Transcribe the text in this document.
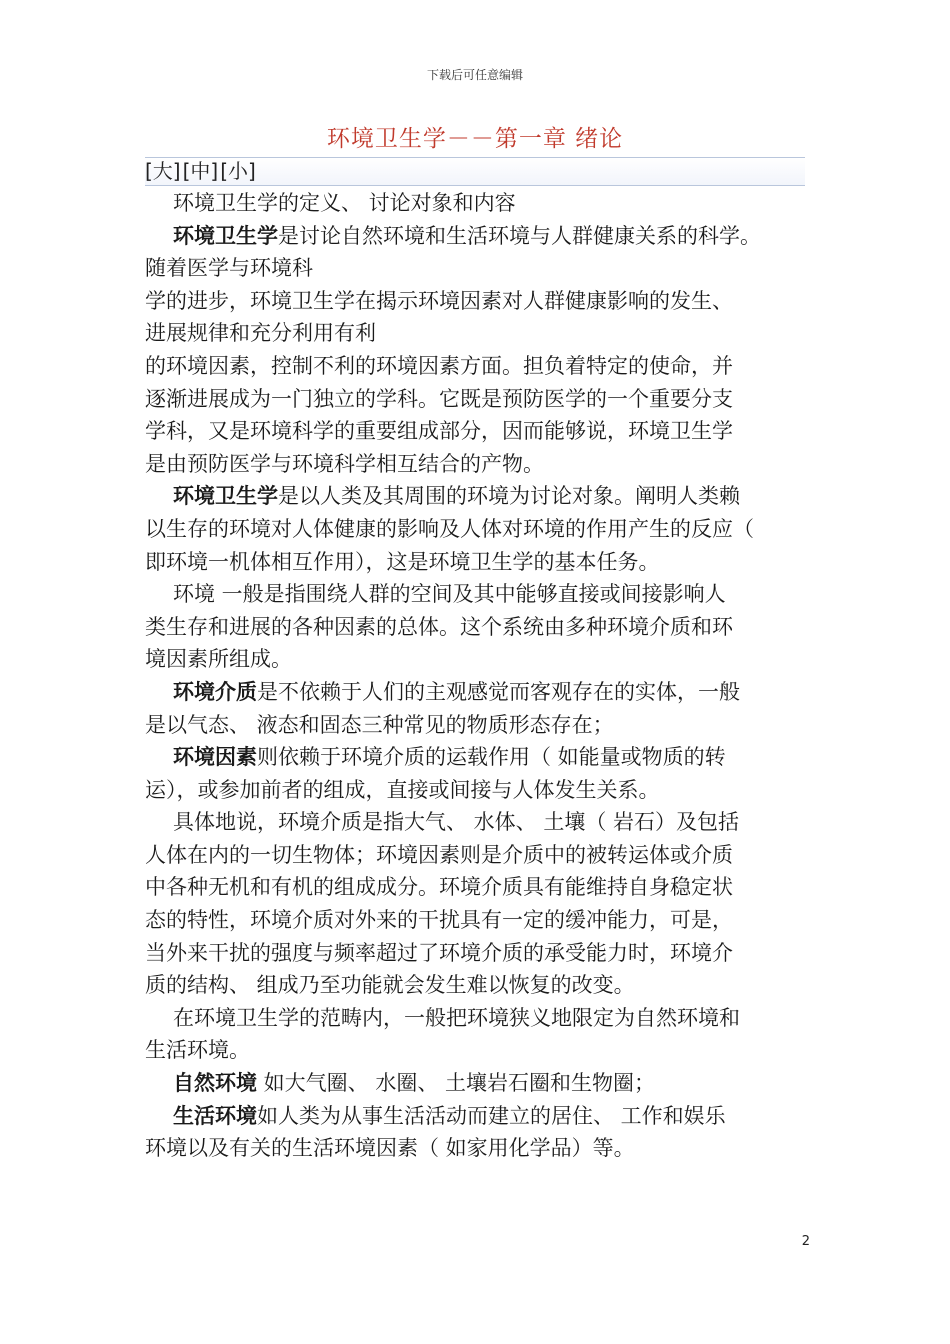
下载后可任意编辑
环境卫生学－－第一章 绪论
[大] [中] [小]

环境卫生学的定义、 讨论对象和内容

环境卫生学是讨论自然环境和生活环境与人群健康关系的科学。

随着医学与环境科

学的进步，环境卫生学在揭示环境因素对人群健康影响的发生、

进展规律和充分利用有利

的环境因素，控制不利的环境因素方面。担负着特定的使命，并

逐渐进展成为一门独立的学科。它既是预防医学的一个重要分支

学科，又是环境科学的重要组成部分，因而能够说，环境卫生学

是由预防医学与环境科学相互结合的产物。

环境卫生学是以人类及其周围的环境为讨论对象。阐明人类赖

以生存的环境对人体健康的影响及人体对环境的作用产生的反应（

即环境一机体相互作用），这是环境卫生学的基本任务。

环境 一般是指围绕人群的空间及其中能够直接或间接影响人

类生存和进展的各种因素的总体。这个系统由多种环境介质和环

境因素所组成。

环境介质是不依赖于人们的主观感觉而客观存在的实体，一般

是以气态、 液态和固态三种常见的物质形态存在；

环境因素则依赖于环境介质的运载作用（ 如能量或物质的转

运），或参加前者的组成，直接或间接与人体发生关系。

具体地说，环境介质是指大气、 水体、 土壤（ 岩石）及包括

人体在内的一切生物体；环境因素则是介质中的被转运体或介质

中各种无机和有机的组成成分。环境介质具有能维持自身稳定状

态的特性，环境介质对外来的干扰具有一定的缓冲能力，可是，

当外来干扰的强度与频率超过了环境介质的承受能力时，环境介

质的结构、 组成乃至功能就会发生难以恢复的改变。

在环境卫生学的范畴内，一般把环境狭义地限定为自然环境和

生活环境。

自然环境 如大气圈、 水圈、 土壤岩石圈和生物圈；

生活环境如人类为从事生活活动而建立的居住、 工作和娱乐

环境以及有关的生活环境因素（ 如家用化学品）等。

2
